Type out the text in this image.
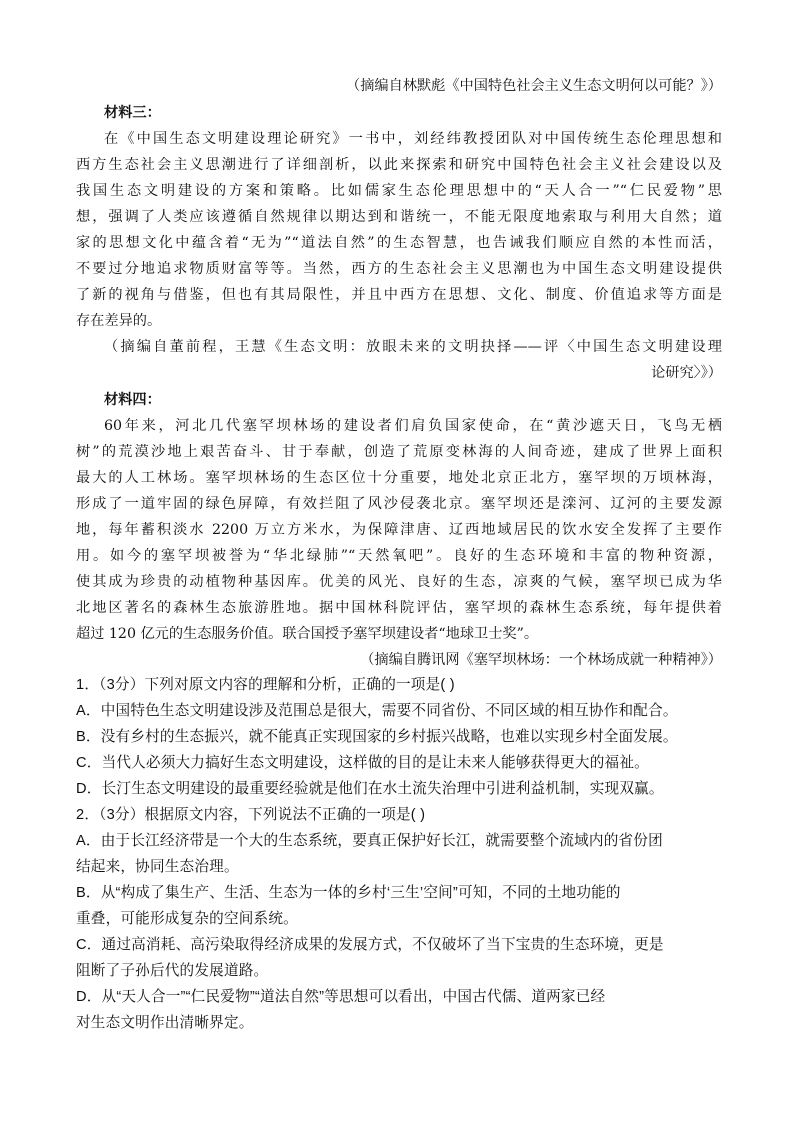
（摘编自林默彪《中国特色社会主义生态文明何以可能？》）
材料三：
在《中国生态文明建设理论研究》一书中，刘经纬教授团队对中国传统生态伦理思想和
西方生态社会主义思潮进行了详细剖析，以此来探索和研究中国特色社会主义社会建设以及
我国生态文明建设的方案和策略。比如儒家生态伦理思想中的“天人合一”“仁民爱物”思
想，强调了人类应该遵循自然规律以期达到和谐统一，不能无限度地索取与利用大自然；道
家的思想文化中蕴含着“无为”“道法自然”的生态智慧，也告诫我们顺应自然的本性而活，
不要过分地追求物质财富等等。当然，西方的生态社会主义思潮也为中国生态文明建设提供
了新的视角与借鉴，但也有其局限性，并且中西方在思想、文化、制度、价值追求等方面是
存在差异的。
（摘编自董前程，王慧《生态文明：放眼未来的文明抉择——评〈中国生态文明建设理
论研究〉》）
材料四：
60年来，河北几代塞罕坝林场的建设者们肩负国家使命，在“黄沙遮天日，飞鸟无栖
树”的荒漠沙地上艰苦奋斗、甘于奉献，创造了荒原变林海的人间奇迹，建成了世界上面积
最大的人工林场。塞罕坝林场的生态区位十分重要，地处北京正北方，塞罕坝的万顷林海，
形成了一道牢固的绿色屏障，有效拦阻了风沙侵袭北京。塞罕坝还是滦河、辽河的主要发源
地，每年蓄积淡水 2200 万立方米水，为保障津唐、辽西地域居民的饮水安全发挥了主要作
用。如今的塞罕坝被誉为“华北绿肺”“天然氧吧”。良好的生态环境和丰富的物种资源，
使其成为珍贵的动植物种基因库。优美的风光、良好的生态，凉爽的气候，塞罕坝已成为华
北地区著名的森林生态旅游胜地。据中国林科院评估，塞罕坝的森林生态系统，每年提供着
超过 120 亿元的生态服务价值。联合国授予塞罕坝建设者“地球卫士奖”。
（摘编自腾讯网《塞罕坝林场：一个林场成就一种精神》）
1．（3分）下列对原文内容的理解和分析，正确的一项是( )
A．中国特色生态文明建设涉及范围总是很大，需要不同省份、不同区域的相互协作和配合。
B．没有乡村的生态振兴，就不能真正实现国家的乡村振兴战略，也难以实现乡村全面发展。
C．当代人必须大力搞好生态文明建设，这样做的目的是让未来人能够获得更大的福祉。
D．长汀生态文明建设的最重要经验就是他们在水土流失治理中引进利益机制，实现双赢。
2．（3分）根据原文内容，下列说法不正确的一项是( )
A．由于长江经济带是一个大的生态系统，要真正保护好长江，就需要整个流域内的省份团
结起来，协同生态治理。
B．从“构成了集生产、生活、生态为一体的乡村‘三生’空间”可知，不同的土地功能的
重叠，可能形成复杂的空间系统。
C．通过高消耗、高污染取得经济成果的发展方式，不仅破坏了当下宝贵的生态环境，更是
阻断了子孙后代的发展道路。
D．从“天人合一”“仁民爱物”“道法自然”等思想可以看出，中国古代儒、道两家已经
对生态文明作出清晰界定。
